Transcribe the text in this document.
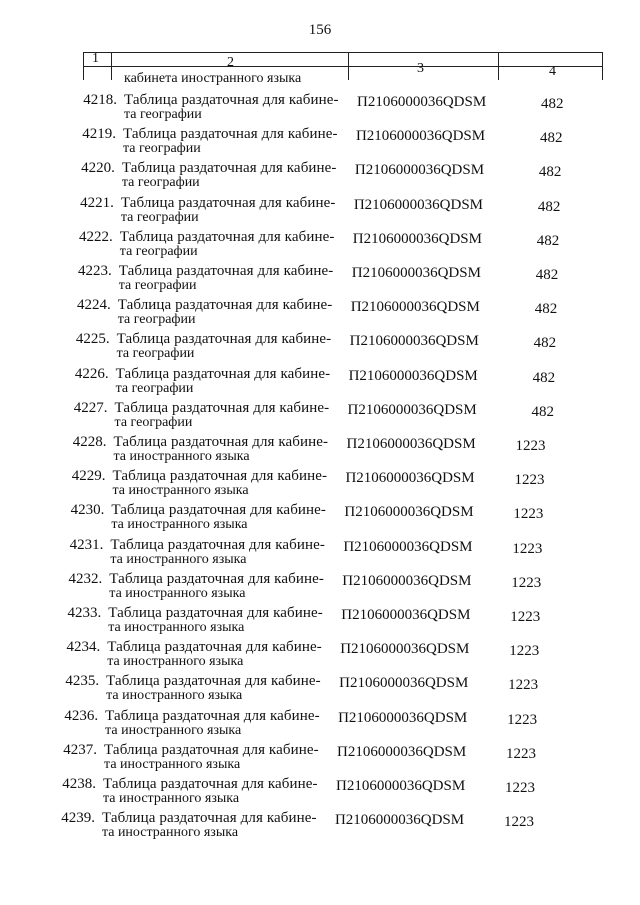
156
1	2	3	4
кабинета иностранного языка
4218. Таблица раздаточная для кабине-
та географии
П2106000036QDSM	482
4219. Таблица раздаточная для кабине-
та географии
П2106000036QDSM	482
4220. Таблица раздаточная для кабине-
та географии
П2106000036QDSM	482
4221. Таблица раздаточная для кабине-
та географии
П2106000036QDSM	482
4222. Таблица раздаточная для кабине-
та географии
П2106000036QDSM	482
4223. Таблица раздаточная для кабине-
та географии
П2106000036QDSM	482
4224. Таблица раздаточная для кабине-
та географии
П2106000036QDSM	482
4225. Таблица раздаточная для кабине-
та географии
П2106000036QDSM	482
4226. Таблица раздаточная для кабине-
та географии
П2106000036QDSM	482
4227. Таблица раздаточная для кабине-
та географии
П2106000036QDSM	482
4228. Таблица раздаточная для кабине-
та иностранного языка
П2106000036QDSM	1223
4229. Таблица раздаточная для кабине-
та иностранного языка
П2106000036QDSM	1223
4230. Таблица раздаточная для кабине-
та иностранного языка
П2106000036QDSM	1223
4231. Таблица раздаточная для кабине-
та иностранного языка
П2106000036QDSM	1223
4232. Таблица раздаточная для кабине-
та иностранного языка
П2106000036QDSM	1223
4233. Таблица раздаточная для кабине-
та иностранного языка
П2106000036QDSM	1223
4234. Таблица раздаточная для кабине-
та иностранного языка
П2106000036QDSM	1223
4235. Таблица раздаточная для кабине-
та иностранного языка
П2106000036QDSM	1223
4236. Таблица раздаточная для кабине-
та иностранного языка
П2106000036QDSM	1223
4237. Таблица раздаточная для кабине-
та иностранного языка
П2106000036QDSM	1223
4238. Таблица раздаточная для кабине-
та иностранного языка
П2106000036QDSM	1223
4239. Таблица раздаточная для кабине-
та иностранного языка
П2106000036QDSM	1223
